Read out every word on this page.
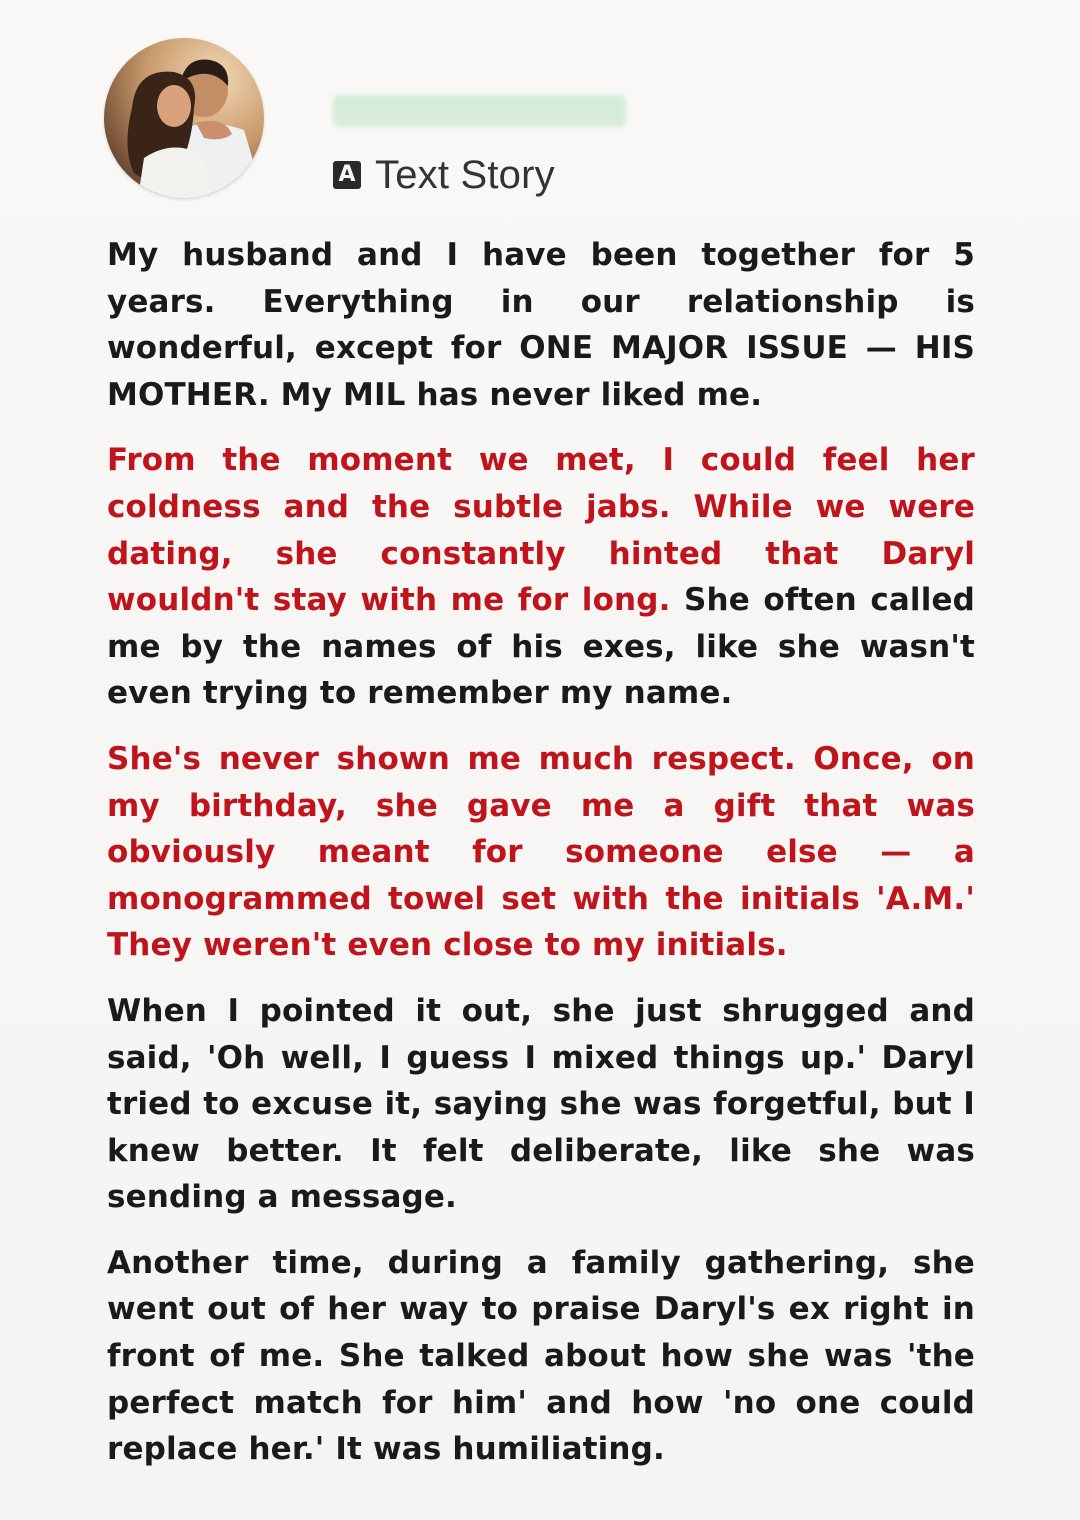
A Text Story

My husband and I have been together for 5 years. Everything in our relationship is wonderful, except for ONE MAJOR ISSUE — HIS MOTHER. My MIL has never liked me.

From the moment we met, I could feel her coldness and the subtle jabs. While we were dating, she constantly hinted that Daryl wouldn't stay with me for long. She often called me by the names of his exes, like she wasn't even trying to remember my name.

She's never shown me much respect. Once, on my birthday, she gave me a gift that was obviously meant for someone else — a monogrammed towel set with the initials 'A.M.' They weren't even close to my initials.

When I pointed it out, she just shrugged and said, 'Oh well, I guess I mixed things up.' Daryl tried to excuse it, saying she was forgetful, but I knew better. It felt deliberate, like she was sending a message.

Another time, during a family gathering, she went out of her way to praise Daryl's ex right in front of me. She talked about how she was 'the perfect match for him' and how 'no one could replace her.' It was humiliating.
